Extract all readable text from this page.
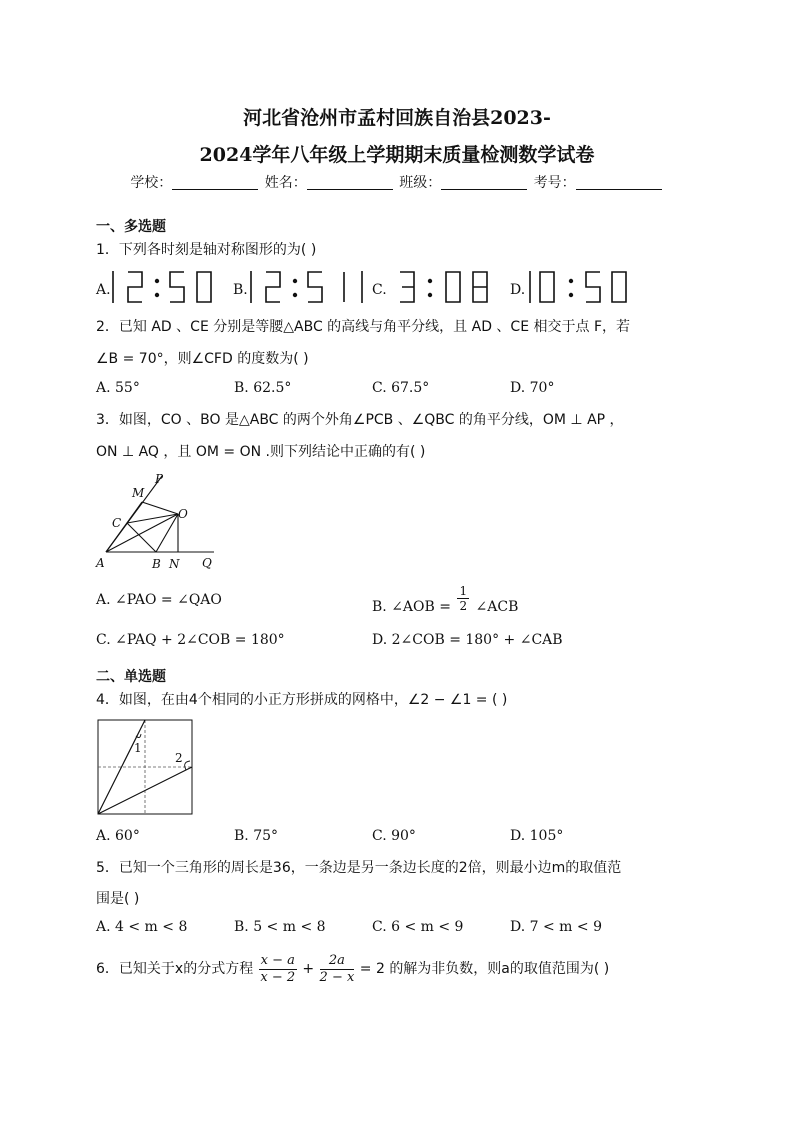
河北省沧州市孟村回族自治县2023-
2024学年八年级上学期期末质量检测数学试卷
学校：	姓名：	班级：	考号：
一、多选题
1．下列各时刻是轴对称图形的为( )
A.	B.	C.	D.
2．已知 AD 、CE 分别是等腰△ABC 的高线与角平分线，且 AD 、CE 相交于点 F，若
∠B = 70°，则∠CFD 的度数为( )
A. 55°	B. 62.5°	C. 67.5°	D. 70°
3．如图，CO 、BO 是△ABC 的两个外角∠PCB 、∠QBC 的角平分线，OM ⊥ AP ，
ON ⊥ AQ ，且 OM = ON .则下列结论中正确的有( )
P
M
O
C
A	B N Q
A. ∠PAO = ∠QAO	B. ∠AOB = $\frac{1}{2}$ ∠ACB
C. ∠PAQ + 2∠COB = 180°	D. 2∠COB = 180° + ∠CAB
二、单选题
4．如图，在由4个相同的小正方形拼成的网格中，∠2 − ∠1 = ( )
1
2
A. 60°	B. 75°	C. 90°	D. 105°
5．已知一个三角形的周长是36，一条边是另一条边长度的2倍，则最小边m的取值范
围是( )
A. 4 < m < 8	B. 5 < m < 8	C. 6 < m < 9	D. 7 < m < 9
6．已知关于x的分式方程 $\frac{x - a}{x - 2} + \frac{2a}{2 - x} = 2$ 的解为非负数，则a的取值范围为( )
